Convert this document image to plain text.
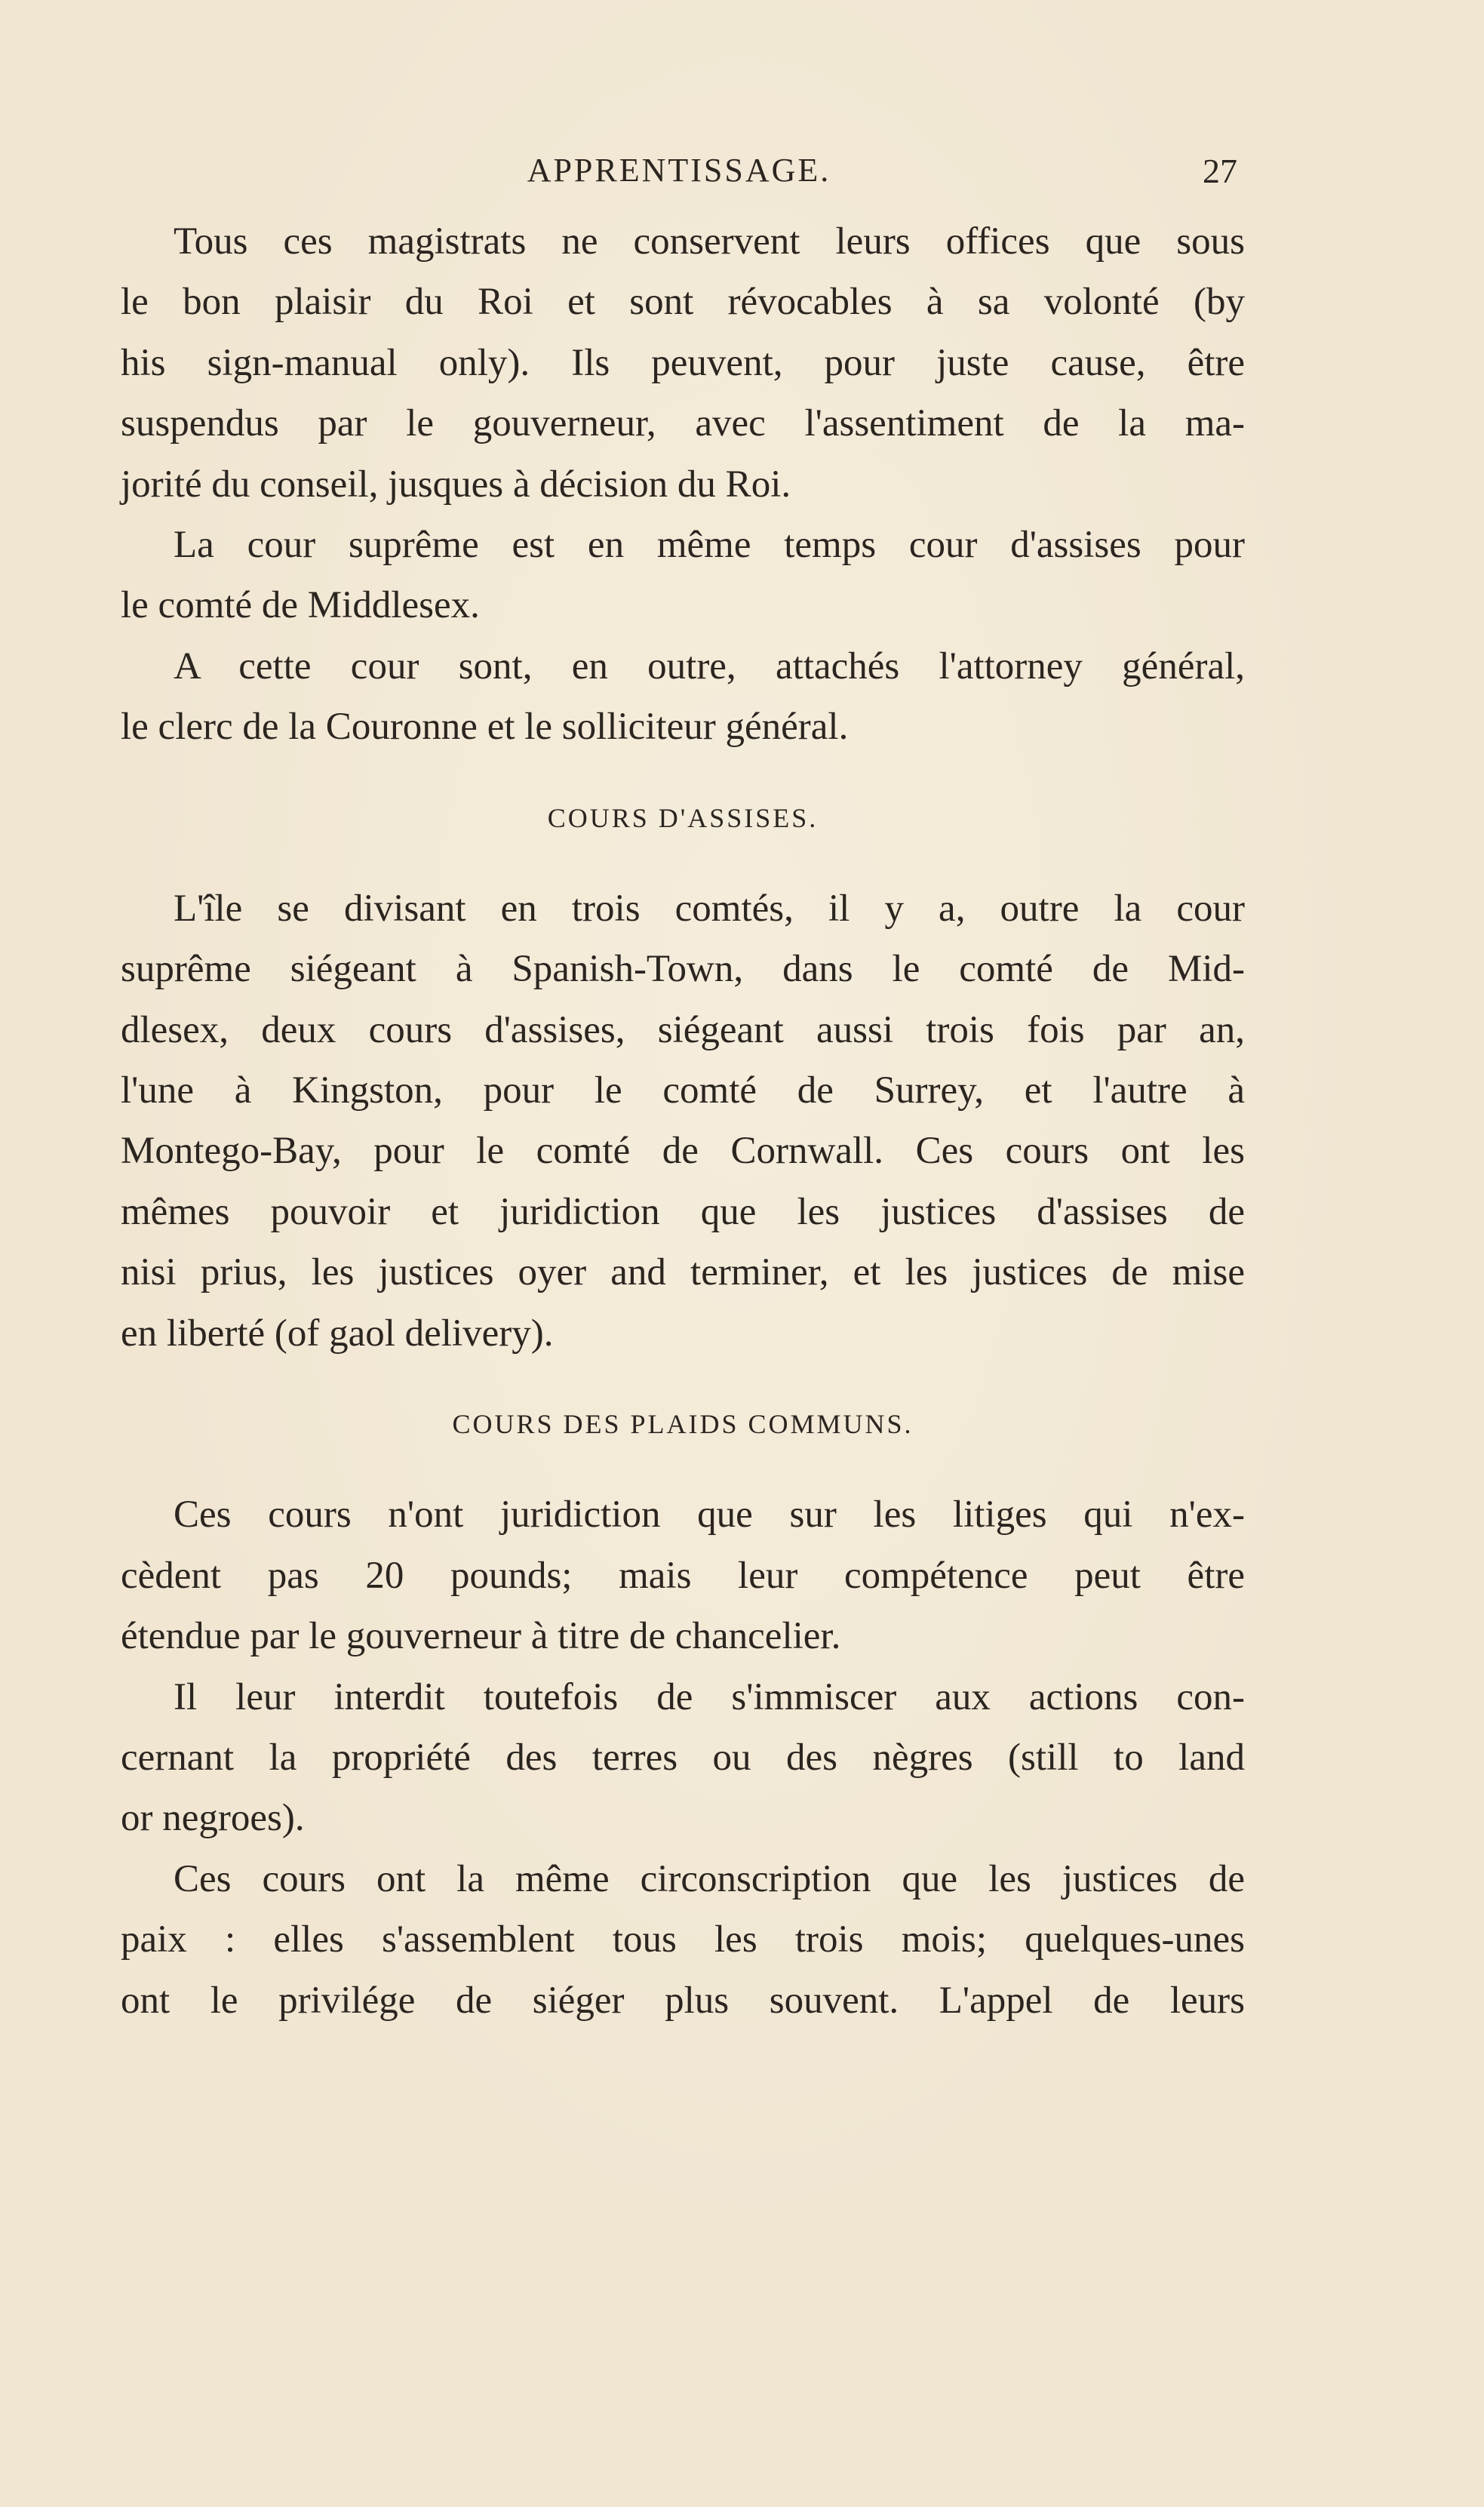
APPRENTISSAGE.	27
Tous ces magistrats ne conservent leurs offices que sous
le bon plaisir du Roi et sont révocables à sa volonté (by
his sign-manual only). Ils peuvent, pour juste cause, être
suspendus par le gouverneur, avec l'assentiment de la ma-
jorité du conseil, jusques à décision du Roi.
La cour suprême est en même temps cour d'assises pour
le comté de Middlesex.
A cette cour sont, en outre, attachés l'attorney général,
le clerc de la Couronne et le solliciteur général.
COURS D'ASSISES.
L'île se divisant en trois comtés, il y a, outre la cour
suprême siégeant à Spanish-Town, dans le comté de Mid-
dlesex, deux cours d'assises, siégeant aussi trois fois par an,
l'une à Kingston, pour le comté de Surrey, et l'autre à
Montego-Bay, pour le comté de Cornwall. Ces cours ont les
mêmes pouvoir et juridiction que les justices d'assises de
nisi prius, les justices oyer and terminer, et les justices de mise
en liberté (of gaol delivery).
COURS DES PLAIDS COMMUNS.
Ces cours n'ont juridiction que sur les litiges qui n'ex-
cèdent pas 20 pounds; mais leur compétence peut être
étendue par le gouverneur à titre de chancelier.
Il leur interdit toutefois de s'immiscer aux actions con-
cernant la propriété des terres ou des nègres (still to land
or negroes).
Ces cours ont la même circonscription que les justices de
paix : elles s'assemblent tous les trois mois; quelques-unes
ont le privilége de siéger plus souvent. L'appel de leurs
